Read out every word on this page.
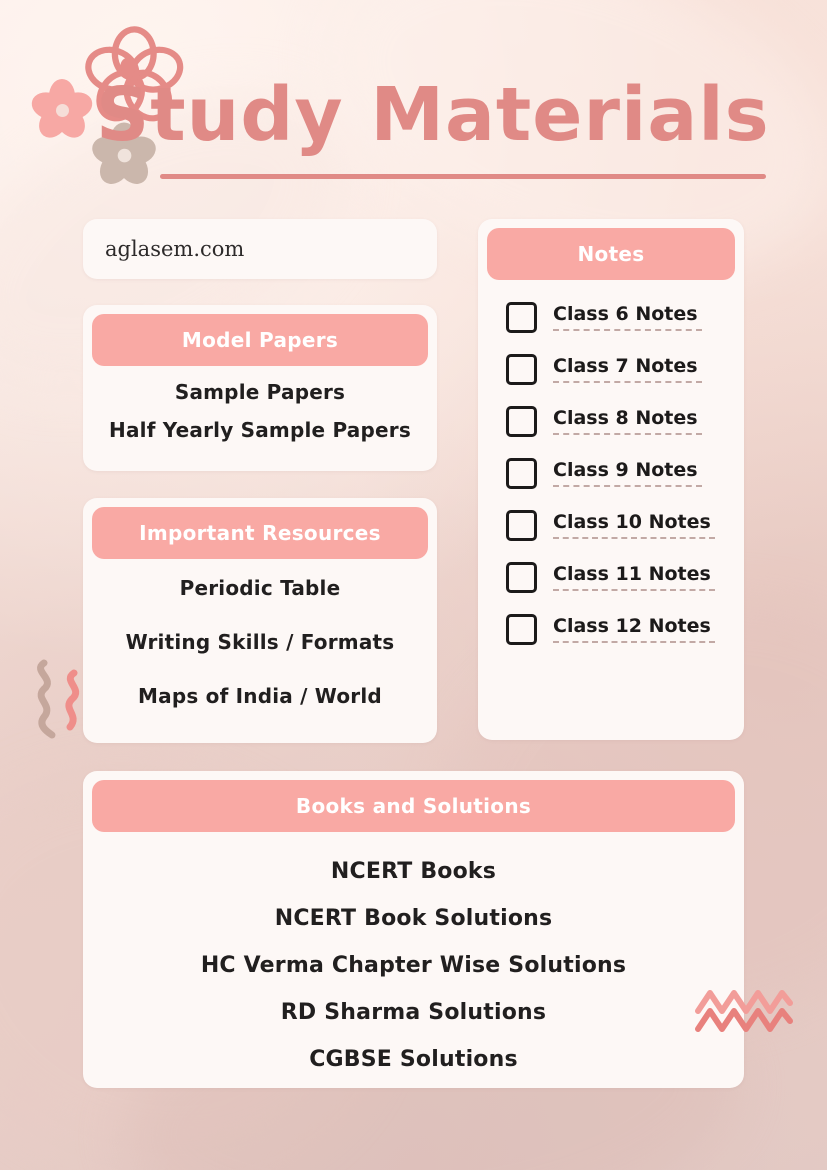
Study Materials
aglasem.com
Model Papers
Sample Papers
Half Yearly Sample Papers
Important Resources
Periodic Table
Writing Skills / Formats
Maps of India / World
Notes
Class 6 Notes
Class 7 Notes
Class 8 Notes
Class 9 Notes
Class 10 Notes
Class 11 Notes
Class 12 Notes
Books and Solutions
NCERT Books
NCERT Book Solutions
HC Verma Chapter Wise Solutions
RD Sharma Solutions
CGBSE Solutions
